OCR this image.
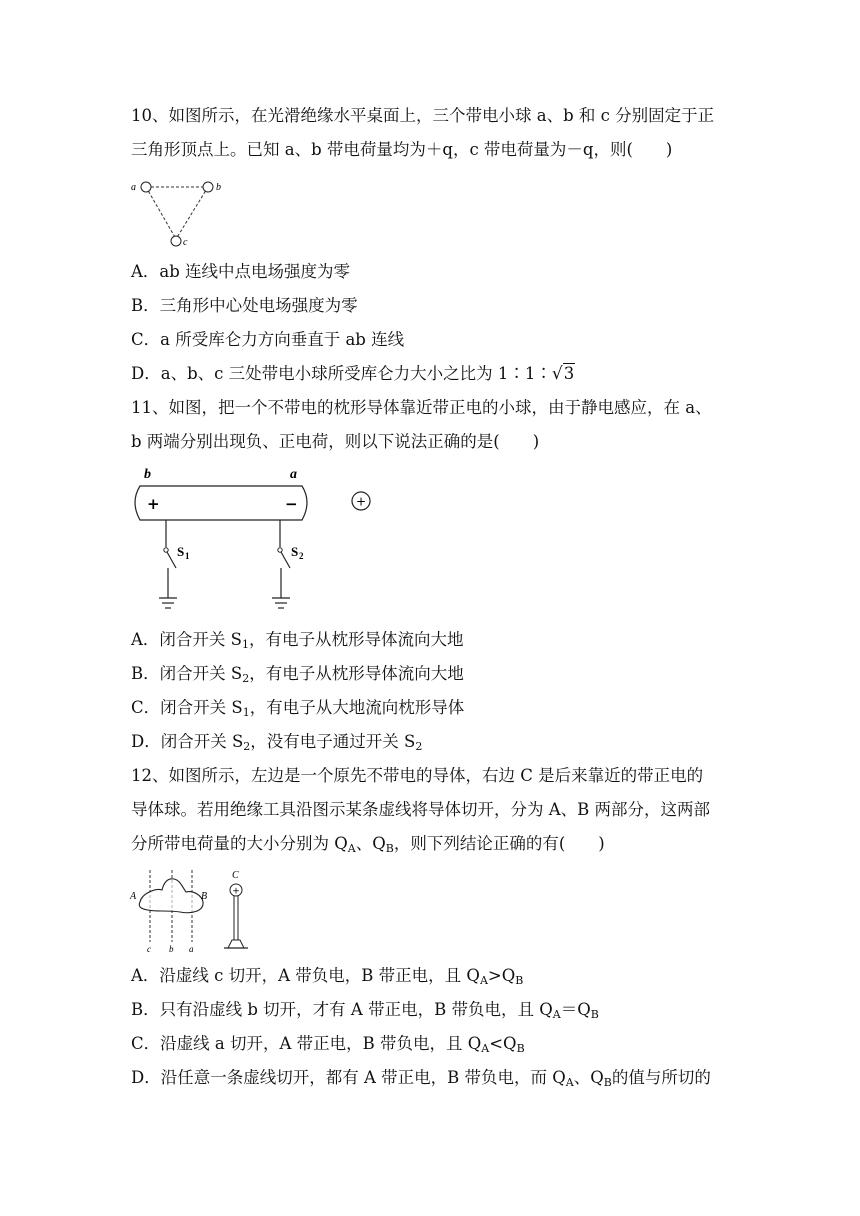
10、如图所示，在光滑绝缘水平桌面上，三个带电小球 a、b 和 c 分别固定于正
三角形顶点上。已知 a、b 带电荷量均为＋q，c 带电荷量为－q，则(　　)
a	b
c
A．ab 连线中点电场强度为零
B．三角形中心处电场强度为零
C．a 所受库仑力方向垂直于 ab 连线
D．a、b、c 三处带电小球所受库仑力大小之比为 1∶1∶√3
11、如图，把一个不带电的枕形导体靠近带正电的小球，由于静电感应，在 a、
b 两端分别出现负、正电荷，则以下说法正确的是(　　)
b	a
+	−	+
S 1	S 2
A．闭合开关 $S_1$，有电子从枕形导体流向大地
B．闭合开关 $S_2$，有电子从枕形导体流向大地
C．闭合开关 $S_1$，有电子从大地流向枕形导体
D．闭合开关 $S_2$，没有电子通过开关 $S_2$
12、如图所示，左边是一个原先不带电的导体，右边 C 是后来靠近的带正电的
导体球。若用绝缘工具沿图示某条虚线将导体切开，分为 A、B 两部分，这两部
分所带电荷量的大小分别为 $Q_A$、$Q_B$，则下列结论正确的有(　　)
A	B
C
+
c b a
A．沿虚线 c 切开，A 带负电，B 带正电，且 $Q_A>Q_B$
B．只有沿虚线 b 切开，才有 A 带正电，B 带负电，且 $Q_A=Q_B$
C．沿虚线 a 切开，A 带正电，B 带负电，且 $Q_A<Q_B$
D．沿任意一条虚线切开，都有 A 带正电，B 带负电，而 $Q_A$、$Q_B$的值与所切的
